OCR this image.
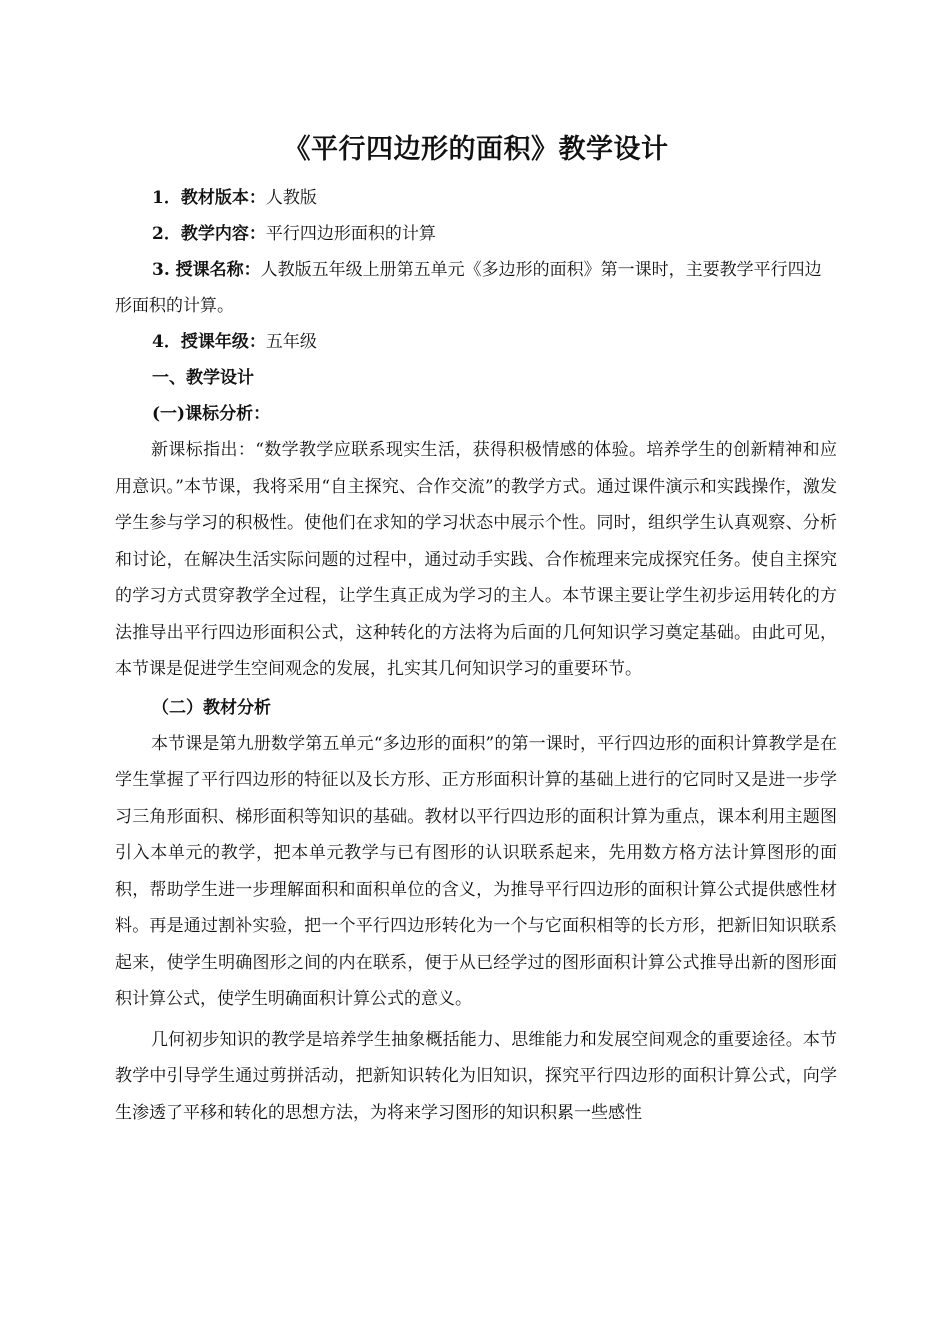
《平行四边形的面积》教学设计

1．教材版本：人教版

2．教学内容：平行四边形面积的计算

3. 授课名称：人教版五年级上册第五单元《多边形的面积》第一课时，主要教学平行四边形面积的计算。

4．授课年级：五年级

一、教学设计

(一)课标分析：

新课标指出：“数学教学应联系现实生活，获得积极情感的体验。培养学生的创新精神和应用意识。”本节课，我将采用“自主探究、合作交流”的教学方式。通过课件演示和实践操作，激发学生参与学习的积极性。使他们在求知的学习状态中展示个性。同时，组织学生认真观察、分析和讨论，在解决生活实际问题的过程中，通过动手实践、合作梳理来完成探究任务。使自主探究的学习方式贯穿教学全过程，让学生真正成为学习的主人。本节课主要让学生初步运用转化的方法推导出平行四边形面积公式，这种转化的方法将为后面的几何知识学习奠定基础。由此可见，本节课是促进学生空间观念的发展，扎实其几何知识学习的重要环节。

（二）教材分析

本节课是第九册数学第五单元“多边形的面积”的第一课时，平行四边形的面积计算教学是在学生掌握了平行四边形的特征以及长方形、正方形面积计算的基础上进行的它同时又是进一步学习三角形面积、梯形面积等知识的基础。教材以平行四边形的面积计算为重点，课本利用主题图引入本单元的教学，把本单元教学与已有图形的认识联系起来，先用数方格方法计算图形的面积，帮助学生进一步理解面积和面积单位的含义，为推导平行四边形的面积计算公式提供感性材料。再是通过割补实验，把一个平行四边形转化为一个与它面积相等的长方形，把新旧知识联系起来，使学生明确图形之间的内在联系，便于从已经学过的图形面积计算公式推导出新的图形面积计算公式，使学生明确面积计算公式的意义。

几何初步知识的教学是培养学生抽象概括能力、思维能力和发展空间观念的重要途径。本节教学中引导学生通过剪拼活动，把新知识转化为旧知识，探究平行四边形的面积计算公式，向学生渗透了平移和转化的思想方法，为将来学习图形的知识积累一些感性
